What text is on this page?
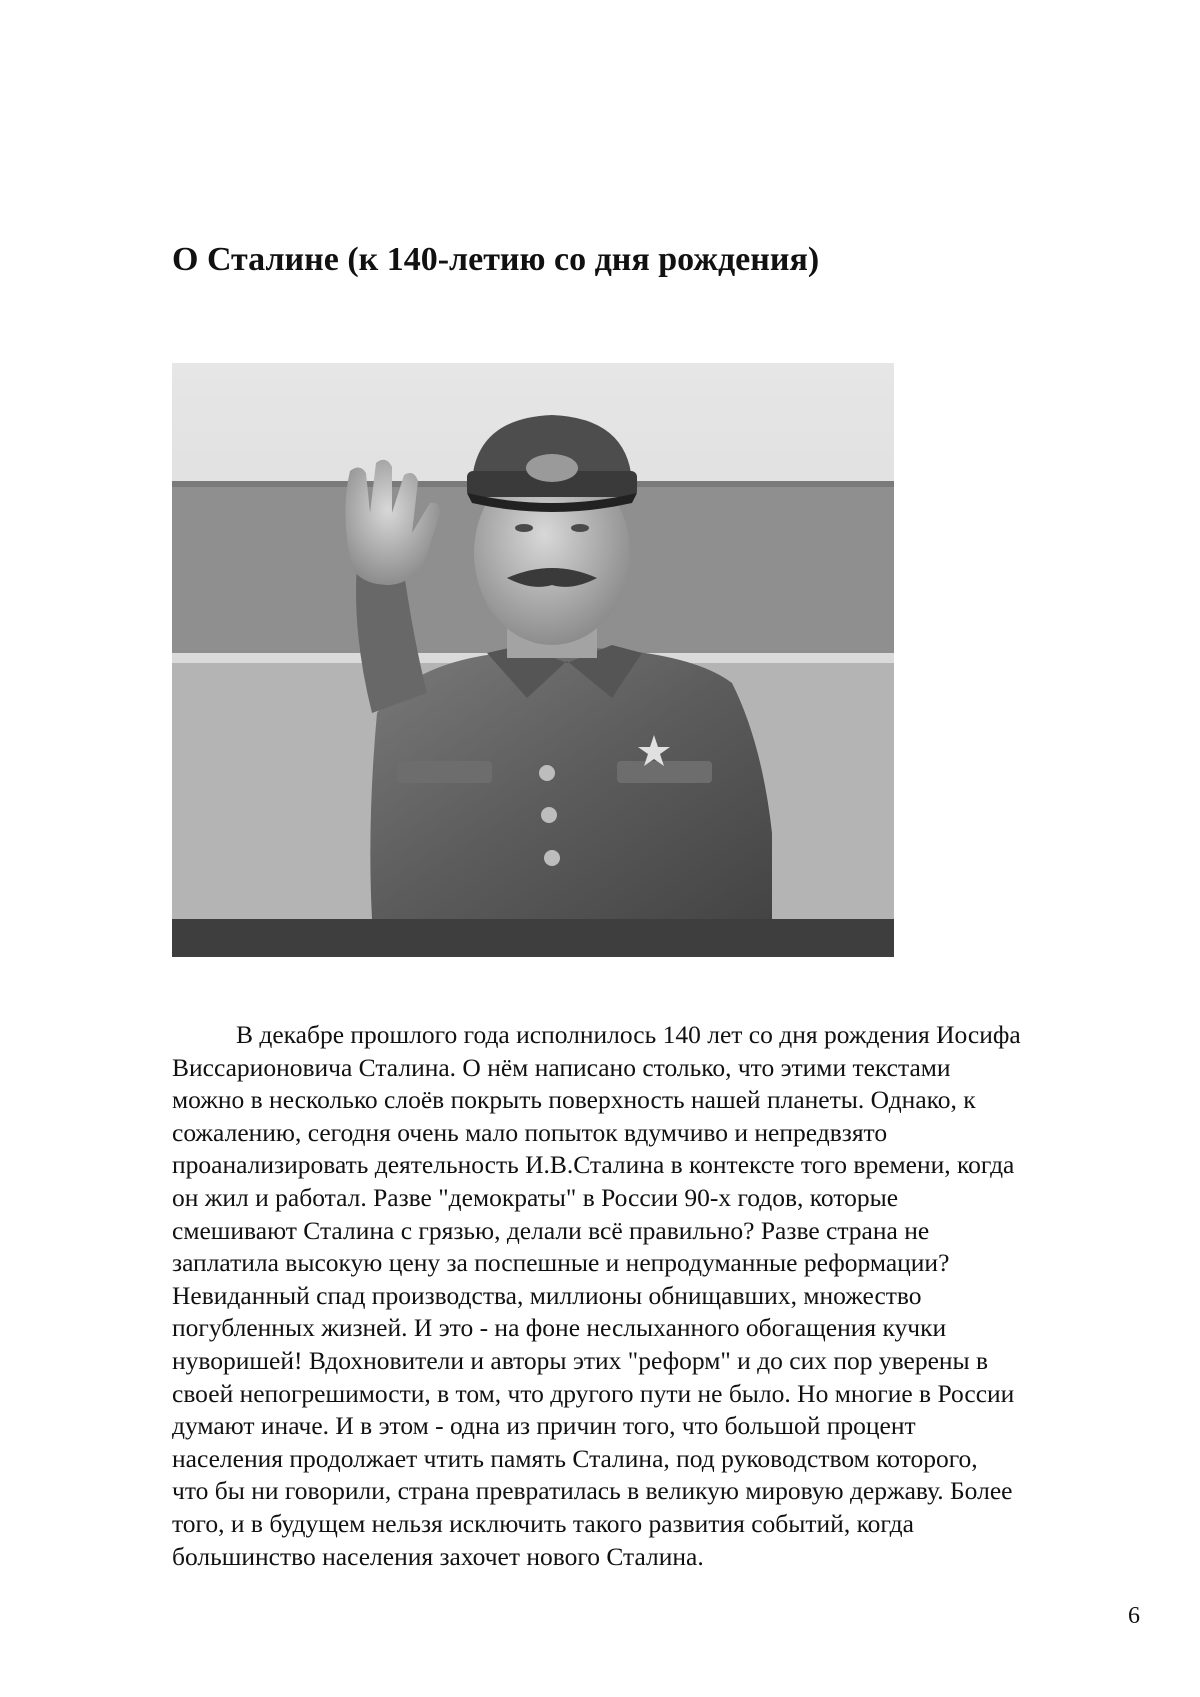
О Сталине (к 140-летию со дня рождения)
В декабре прошлого года исполнилось 140 лет со дня рождения Иосифа
Виссарионовича Сталина. О нём написано столько, что этими текстами
можно в несколько слоёв покрыть поверхность нашей планеты. Однако, к
сожалению, сегодня очень мало попыток вдумчиво и непредвзято
проанализировать деятельность И.В.Сталина в контексте того времени, когда
он жил и работал. Разве "демократы" в России 90-х годов, которые
смешивают Сталина с грязью, делали всё правильно? Разве страна не
заплатила высокую цену за поспешные и непродуманные реформации?
Невиданный спад производства, миллионы обнищавших, множество
погубленных жизней. И это - на фоне неслыханного обогащения кучки
нуворишей! Вдохновители и авторы этих "реформ" и до сих пор уверены в
своей непогрешимости, в том, что другого пути не было. Но многие в России
думают иначе. И в этом - одна из причин того, что большой процент
населения продолжает чтить память Сталина, под руководством которого,
что бы ни говорили, страна превратилась в великую мировую державу. Более
того, и в будущем нельзя исключить такого развития событий, когда
большинство населения захочет нового Сталина.
6
